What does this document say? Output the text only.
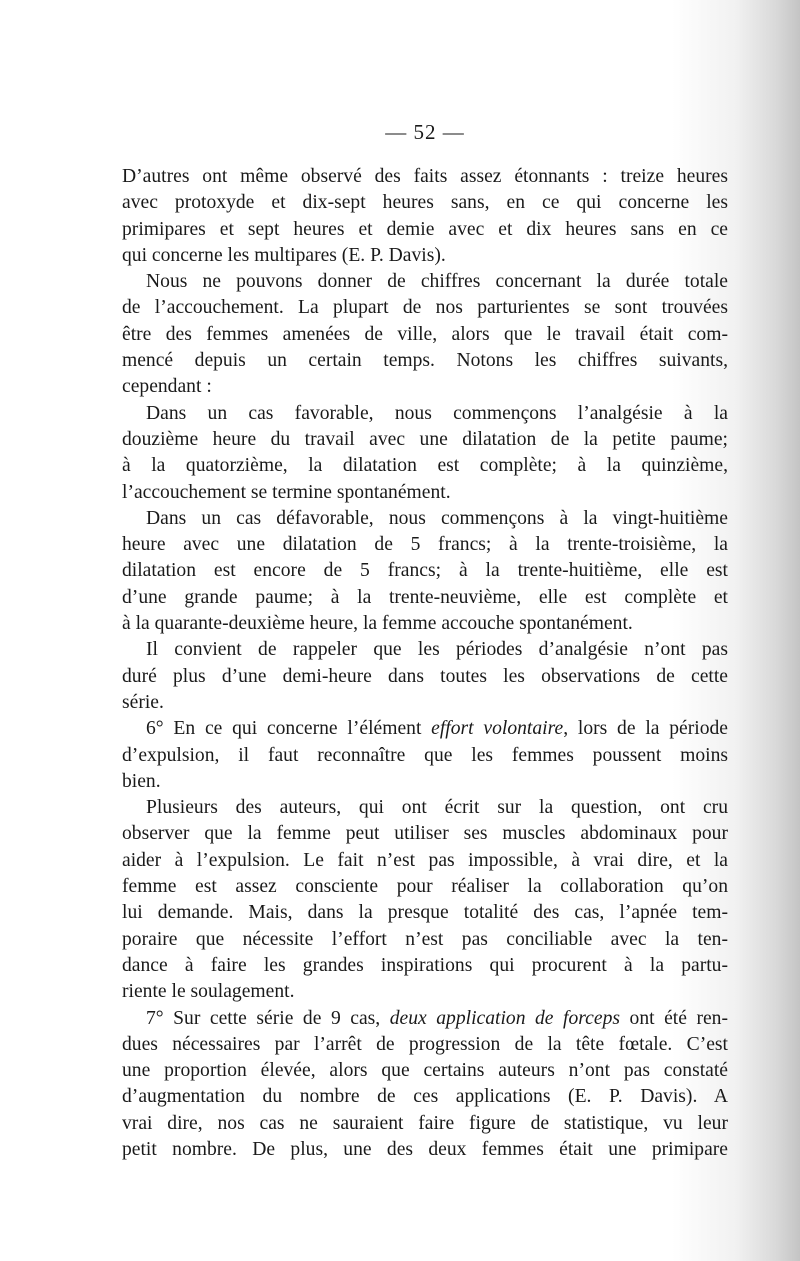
— 52 —

D’autres ont même observé des faits assez étonnants : treize heures

avec protoxyde et dix-sept heures sans, en ce qui concerne les

primipares et sept heures et demie avec et dix heures sans en ce

qui concerne les multipares (E. P. Davis).

Nous ne pouvons donner de chiffres concernant la durée totale

de l’accouchement. La plupart de nos parturientes se sont trouvées

être des femmes amenées de ville, alors que le travail était com-

mencé depuis un certain temps. Notons les chiffres suivants,

cependant :

Dans un cas favorable, nous commençons l’analgésie à la

douzième heure du travail avec une dilatation de la petite paume;

à la quatorzième, la dilatation est complète; à la quinzième,

l’accouchement se termine spontanément.

Dans un cas défavorable, nous commençons à la vingt-huitième

heure avec une dilatation de 5 francs; à la trente-troisième, la

dilatation est encore de 5 francs; à la trente-huitième, elle est

d’une grande paume; à la trente-neuvième, elle est complète et

à la quarante-deuxième heure, la femme accouche spontanément.

Il convient de rappeler que les périodes d’analgésie n’ont pas

duré plus d’une demi-heure dans toutes les observations de cette

série.

6° En ce qui concerne l’élément effort volontaire, lors de la période

d’expulsion, il faut reconnaître que les femmes poussent moins

bien.

Plusieurs des auteurs, qui ont écrit sur la question, ont cru

observer que la femme peut utiliser ses muscles abdominaux pour

aider à l’expulsion. Le fait n’est pas impossible, à vrai dire, et la

femme est assez consciente pour réaliser la collaboration qu’on

lui demande. Mais, dans la presque totalité des cas, l’apnée tem-

poraire que nécessite l’effort n’est pas conciliable avec la ten-

dance à faire les grandes inspirations qui procurent à la partu-

riente le soulagement.

7° Sur cette série de 9 cas, deux application de forceps ont été ren-

dues nécessaires par l’arrêt de progression de la tête fœtale. C’est

une proportion élevée, alors que certains auteurs n’ont pas constaté

d’augmentation du nombre de ces applications (E. P. Davis). A

vrai dire, nos cas ne sauraient faire figure de statistique, vu leur

petit nombre. De plus, une des deux femmes était une primipare
